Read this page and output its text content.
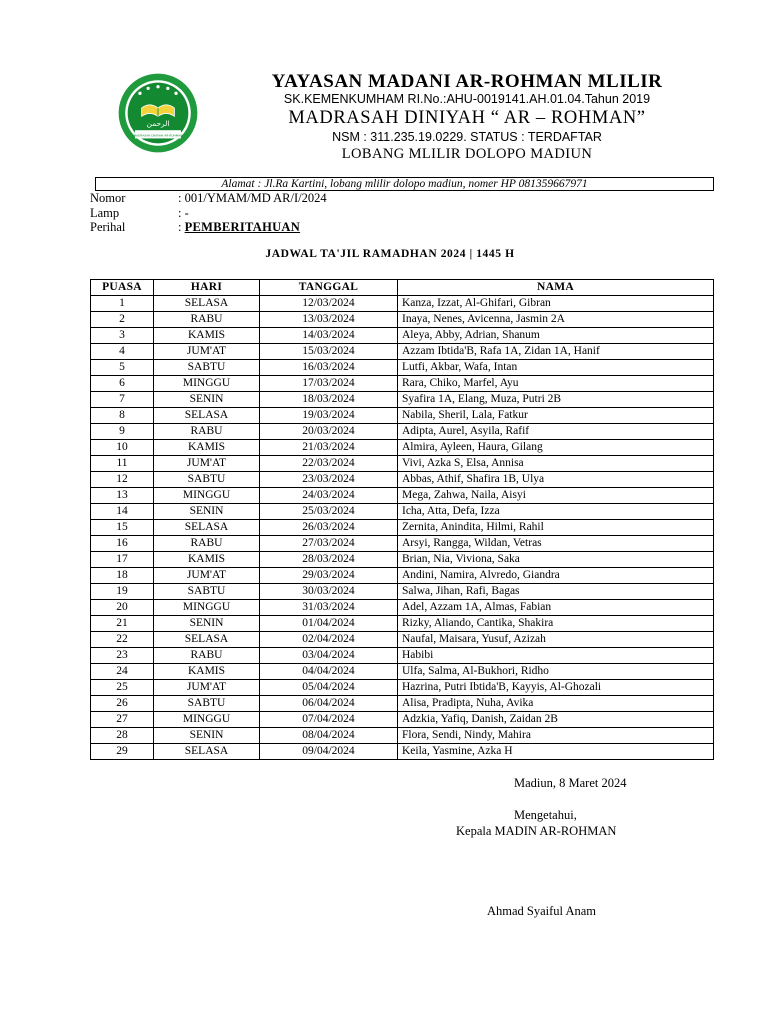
الرحمن
MADRASAH DINIYAH AR-ROHMAN
YAYASAN MADANI AR-ROHMAN MLILIR
SK.KEMENKUMHAM RI.No.:AHU-0019141.AH.01.04.Tahun 2019
MADRASAH DINIYAH “ AR – ROHMAN”
NSM : 311.235.19.0229. STATUS : TERDAFTAR
LOBANG MLILIR DOLOPO MADIUN
Alamat : Jl.Ra Kartini, lobang mlilir dolopo madiun, nomer HP 081359667971
Nomor	: 001/YMAM/MD AR/I/2024
Lamp	: -
Perihal	: PEMBERITAHUAN
JADWAL TA'JIL RAMADHAN 2024 | 1445 H
PUASA	HARI	TANGGAL	NAMA
1	SELASA	12/03/2024	Kanza, Izzat, Al-Ghifari, Gibran
2	RABU	13/03/2024	Inaya, Nenes, Avicenna, Jasmin 2A
3	KAMIS	14/03/2024	Aleya, Abby, Adrian, Shanum
4	JUM'AT	15/03/2024	Azzam Ibtida'B, Rafa 1A, Zidan 1A, Hanif
5	SABTU	16/03/2024	Lutfi, Akbar, Wafa, Intan
6	MINGGU	17/03/2024	Rara, Chiko, Marfel, Ayu
7	SENIN	18/03/2024	Syafira 1A, Elang, Muza, Putri 2B
8	SELASA	19/03/2024	Nabila, Sheril, Lala, Fatkur
9	RABU	20/03/2024	Adipta, Aurel, Asyila, Rafif
10	KAMIS	21/03/2024	Almira, Ayleen, Haura, Gilang
11	JUM'AT	22/03/2024	Vivi, Azka S, Elsa, Annisa
12	SABTU	23/03/2024	Abbas, Athif, Shafira 1B, Ulya
13	MINGGU	24/03/2024	Mega, Zahwa, Naila, Aisyi
14	SENIN	25/03/2024	Icha, Atta, Defa, Izza
15	SELASA	26/03/2024	Zernita, Anindita, Hilmi, Rahil
16	RABU	27/03/2024	Arsyi, Rangga, Wildan, Vetras
17	KAMIS	28/03/2024	Brian, Nia, Viviona, Saka
18	JUM'AT	29/03/2024	Andini, Namira, Alvredo, Giandra
19	SABTU	30/03/2024	Salwa, Jihan, Rafi, Bagas
20	MINGGU	31/03/2024	Adel, Azzam 1A, Almas, Fabian
21	SENIN	01/04/2024	Rizky, Aliando, Cantika, Shakira
22	SELASA	02/04/2024	Naufal, Maisara, Yusuf, Azizah
23	RABU	03/04/2024	Habibi
24	KAMIS	04/04/2024	Ulfa, Salma, Al-Bukhori, Ridho
25	JUM'AT	05/04/2024	Hazrina, Putri Ibtida'B, Kayyis, Al-Ghozali
26	SABTU	06/04/2024	Alisa, Pradipta, Nuha, Avika
27	MINGGU	07/04/2024	Adzkia, Yafiq, Danish, Zaidan 2B
28	SENIN	08/04/2024	Flora, Sendi, Nindy, Mahira
29	SELASA	09/04/2024	Keila, Yasmine, Azka H
Madiun, 8 Maret 2024
Mengetahui,
Kepala MADIN AR-ROHMAN
Ahmad Syaiful Anam
